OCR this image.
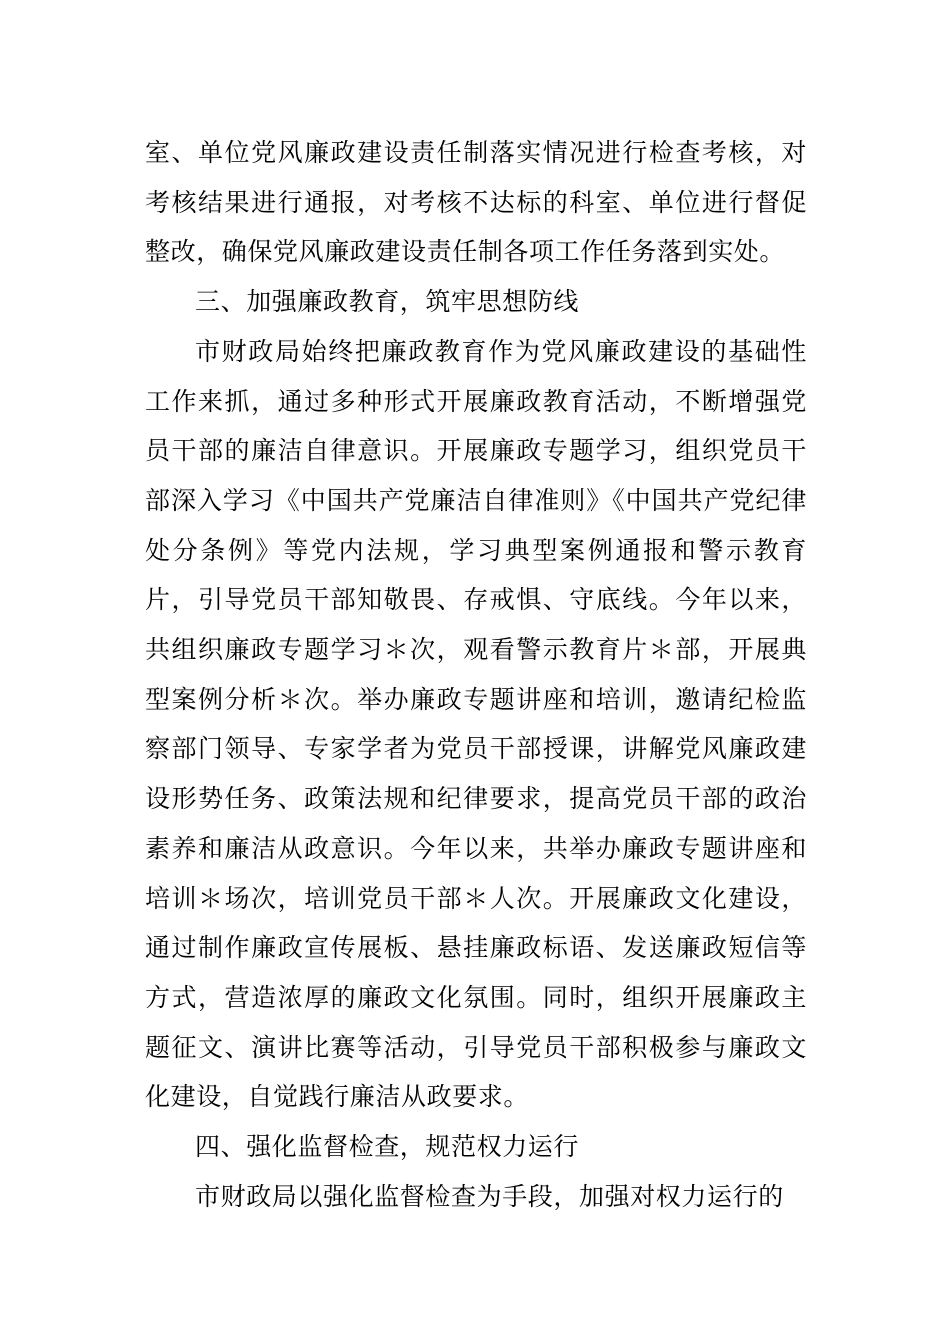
室、单位党风廉政建设责任制落实情况进行检查考核，对考核结果进行通报，对考核不达标的科室、单位进行督促整改，确保党风廉政建设责任制各项工作任务落到实处。

三、加强廉政教育，筑牢思想防线

市财政局始终把廉政教育作为党风廉政建设的基础性工作来抓，通过多种形式开展廉政教育活动，不断增强党员干部的廉洁自律意识。开展廉政专题学习，组织党员干部深入学习《中国共产党廉洁自律准则》《中国共产党纪律处分条例》等党内法规，学习典型案例通报和警示教育片，引导党员干部知敬畏、存戒惧、守底线。今年以来，共组织廉政专题学习＊次，观看警示教育片＊部，开展典型案例分析＊次。举办廉政专题讲座和培训，邀请纪检监察部门领导、专家学者为党员干部授课，讲解党风廉政建设形势任务、政策法规和纪律要求，提高党员干部的政治素养和廉洁从政意识。今年以来，共举办廉政专题讲座和培训＊场次，培训党员干部＊人次。开展廉政文化建设，通过制作廉政宣传展板、悬挂廉政标语、发送廉政短信等方式，营造浓厚的廉政文化氛围。同时，组织开展廉政主题征文、演讲比赛等活动，引导党员干部积极参与廉政文化建设，自觉践行廉洁从政要求。

四、强化监督检查，规范权力运行

市财政局以强化监督检查为手段，加强对权力运行的
